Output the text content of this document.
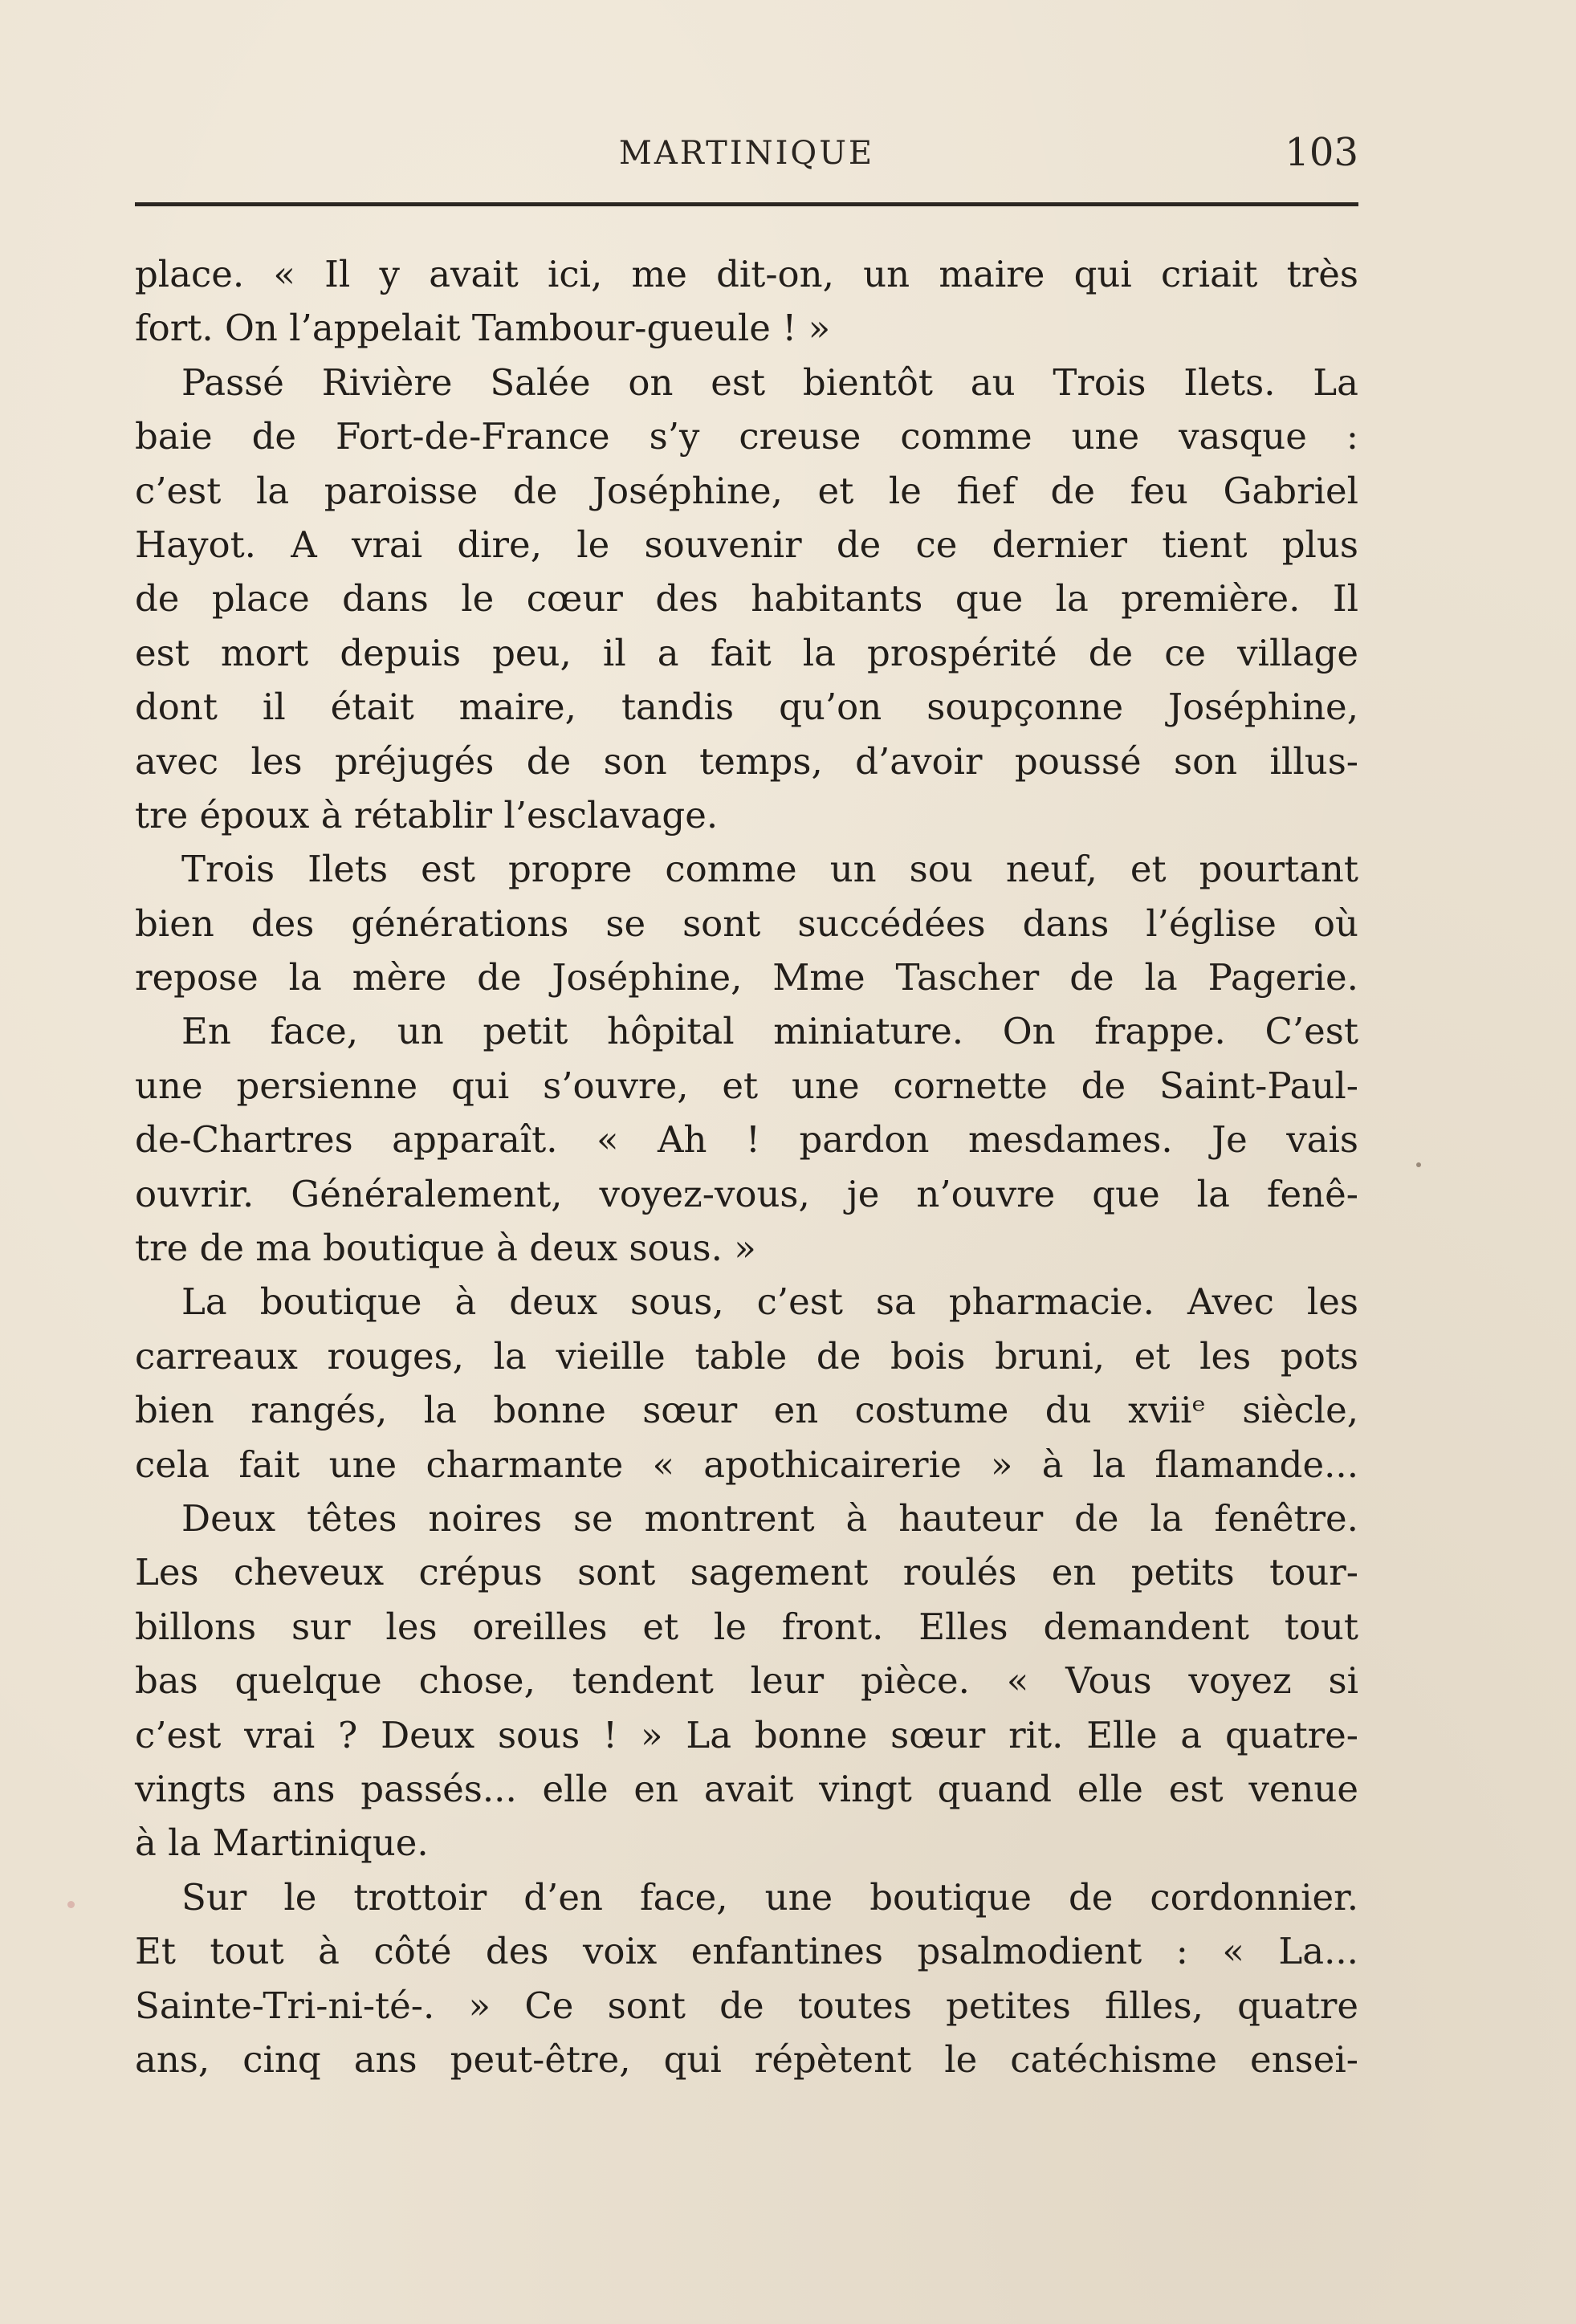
MARTINIQUE	103
place. « Il y avait ici, me dit-on, un maire qui criait très
fort. On l’appelait Tambour-gueule ! »
Passé Rivière Salée on est bientôt au Trois Ilets. La
baie de Fort-de-France s’y creuse comme une vasque :
c’est la paroisse de Joséphine, et le fief de feu Gabriel
Hayot. A vrai dire, le souvenir de ce dernier tient plus
de place dans le cœur des habitants que la première. Il
est mort depuis peu, il a fait la prospérité de ce village
dont il était maire, tandis qu’on soupçonne Joséphine,
avec les préjugés de son temps, d’avoir poussé son illus-
tre époux à rétablir l’esclavage.
Trois Ilets est propre comme un sou neuf, et pourtant
bien des générations se sont succédées dans l’église où
repose la mère de Joséphine, Mme Tascher de la Pagerie.
En face, un petit hôpital miniature. On frappe. C’est
une persienne qui s’ouvre, et une cornette de Saint-Paul-
de-Chartres apparaît. « Ah ! pardon mesdames. Je vais
ouvrir. Généralement, voyez-vous, je n’ouvre que la fenê-
tre de ma boutique à deux sous. »
La boutique à deux sous, c’est sa pharmacie. Avec les
carreaux rouges, la vieille table de bois bruni, et les pots
bien rangés, la bonne sœur en costume du xviiᵉ siècle,
cela fait une charmante « apothicairerie » à la flamande...
Deux têtes noires se montrent à hauteur de la fenêtre.
Les cheveux crépus sont sagement roulés en petits tour-
billons sur les oreilles et le front. Elles demandent tout
bas quelque chose, tendent leur pièce. « Vous voyez si
c’est vrai ? Deux sous ! » La bonne sœur rit. Elle a quatre-
vingts ans passés... elle en avait vingt quand elle est venue
à la Martinique.
Sur le trottoir d’en face, une boutique de cordonnier.
Et tout à côté des voix enfantines psalmodient : « La...
Sainte-Tri-ni-té-. » Ce sont de toutes petites filles, quatre
ans, cinq ans peut-être, qui répètent le catéchisme ensei-
